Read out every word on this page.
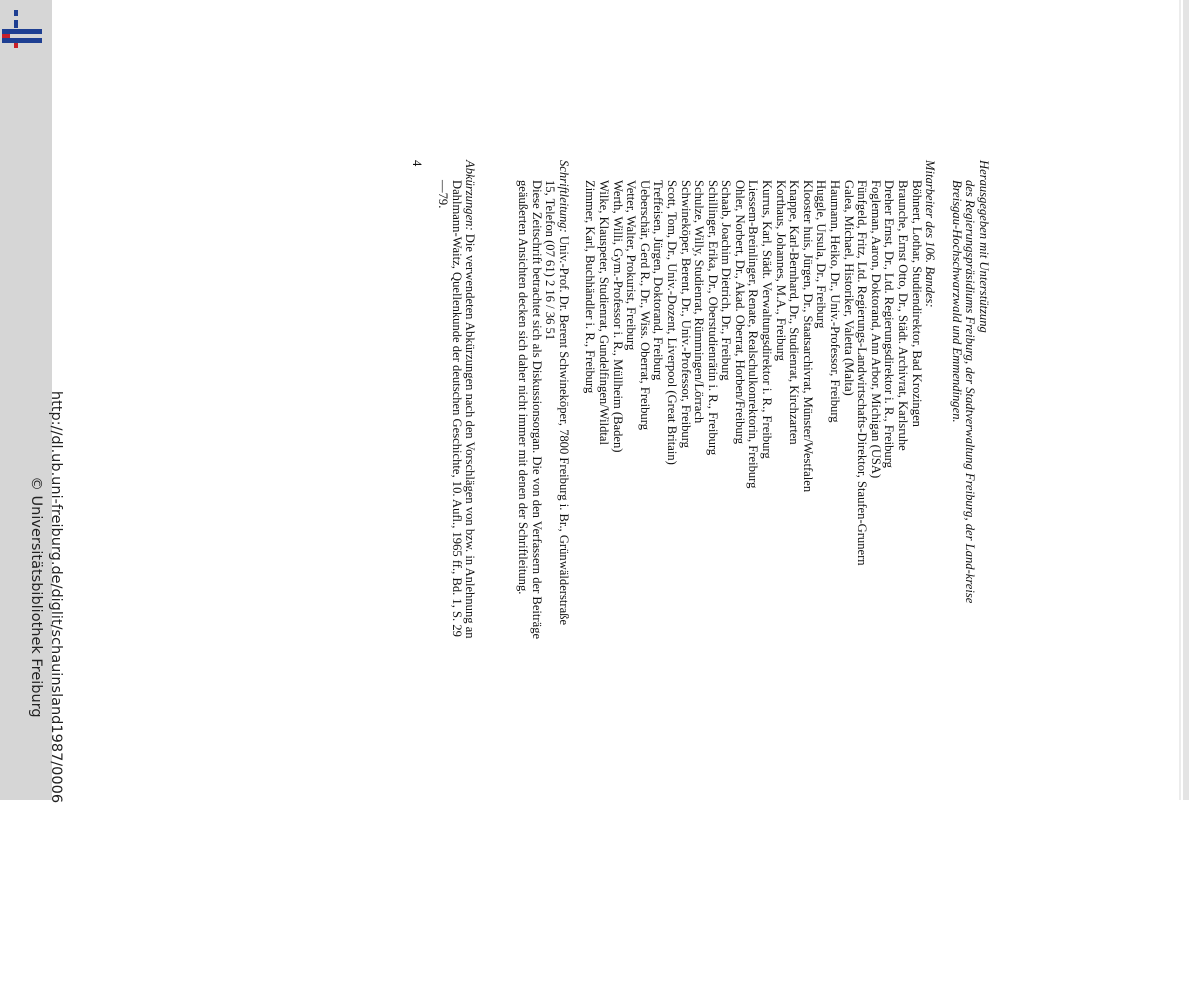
http://dl.ub.uni-freiburg.de/diglit/schauinsland1987/0006
© Universitätsbibliothek Freiburg

Herausgegeben mit Unterstützung

des Regierungspräsidiums Freiburg, der Stadtverwaltung Freiburg, der Land-kreise Breisgau-Hochschwarzwald und Emmendingen.

Mitarbeiter des 106. Bandes:

Böhnert, Lothar, Studiendirektor, Bad Krozingen

Braunche, Ernst Otto, Dr., Städt. Archivrat, Karlsruhe

Dreher Ernst, Dr., Ltd. Regierungsdirektor i. R., Freiburg

Fogleman, Aaron, Doktorand, Ann Arbor, Michigan (USA)

Fünfgeld, Fritz, Ltd. Regierungs-Landwirtschafts-Direktor, Staufen-Grunern

Galea, Michael, Historiker, Valetta (Malta)

Haumann, Heiko, Dr., Univ.-Professor, Freiburg

Huggle, Ursula, Dr., Freiburg

Klooster huis, Jürgen, Dr., Staatsarchivrat, Münster/Westfalen

Knappe, Karl-Bernhard, Dr., Studienrat, Kirchzarten

Korthaus, Johannes, M.A., Freiburg

Kurrus, Karl, Städt. Verwaltungsdirektor i. R., Freiburg

Liessem-Breinlinger, Renate, Realschulkonrektorin, Freiburg

Ohler, Norbert, Dr., Akad. Oberrat, Horben/Freiburg

Schaab, Joachim Dietrich, Dr., Freiburg

Schillinger, Erika, Dr., Oberstudienrätin i. R., Freiburg

Schulze, Willy, Studienrat, Rümmingen/Lörrach

Schwineköper, Berent, Dr., Univ.-Professor, Freiburg

Scott, Tom, Dr., Univ.-Dozent, Liverpool (Great Britain)

Treffeisen, Jürgen, Doktorand, Freiburg

Ueberschär, Gerd R., Dr., Wiss. Oberrat, Freiburg

Vetter, Walter, Prokurist, Freiburg

Werth, Willi, Gym.-Professor i. R., Müllheim (Baden)

Wilke, Klauspeter, Studienrat, Gundelfingen/Wildtal

Zimmer, Karl, Buchhändler i. R., Freiburg

Schriftleitung: Univ.-Prof. Dr. Berent Schwineköper, 7800 Freiburg i. Br., Grünwälderstraße 15, Telefon (07 61) 2 16 / 36 51

Diese Zeitschrift betrachtet sich als Diskussionsorgan. Die von den Verfassern der Beiträge geäußerten Ansichten decken sich daher nicht immer mit denen der Schriftleitung.

Abkürzungen: Die verwendeten Abkürzungen nach den Vorschlägen von bzw. in Anlehnung an Dahlmann-Waitz, Quellenkunde der deutschen Geschichte, 10. Aufl., 1965 ff., Bd. 1, S. 29—79.

4
